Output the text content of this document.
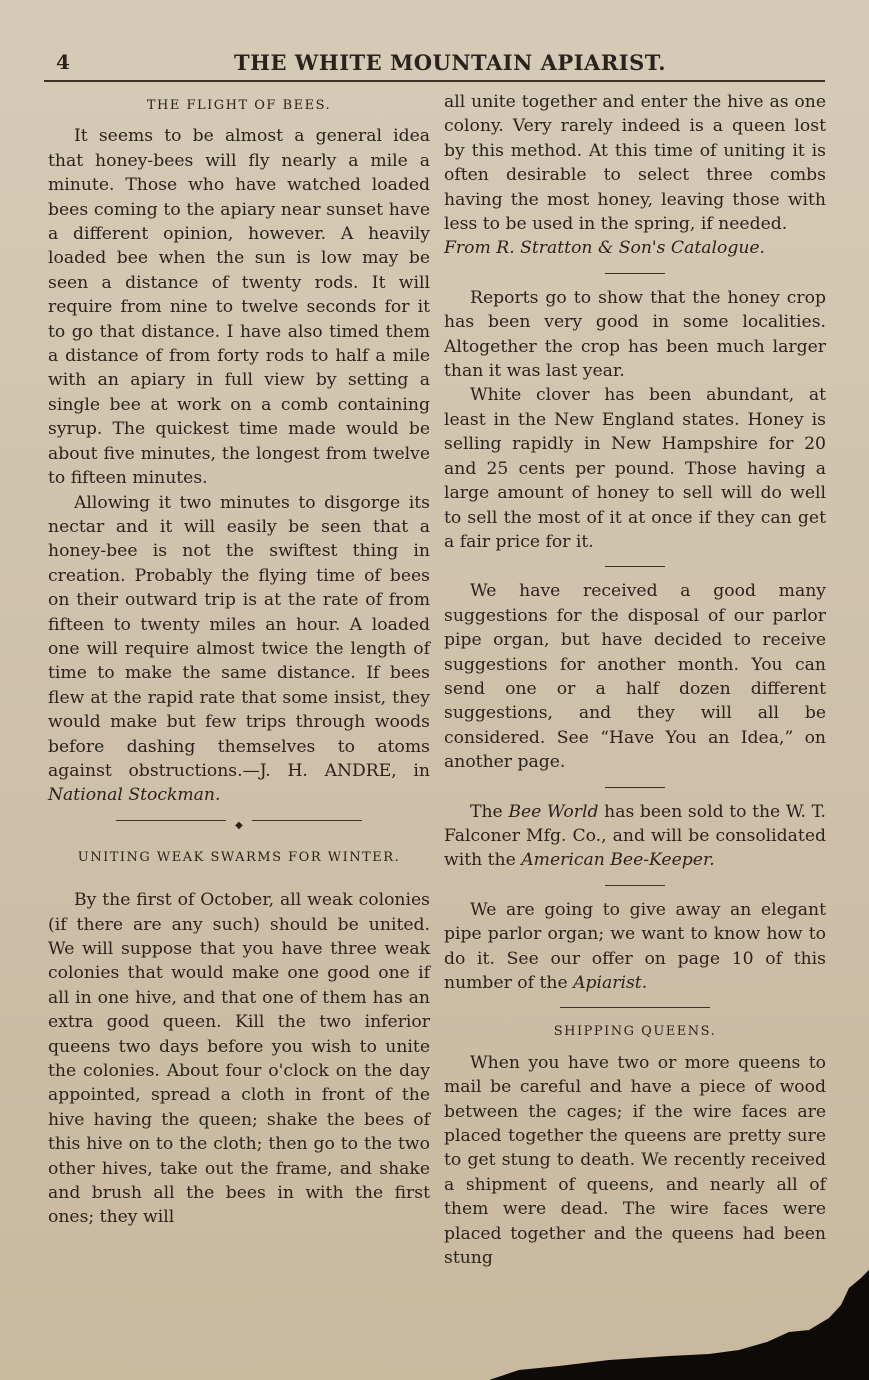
4	THE WHITE MOUNTAIN APIARIST.
THE FLIGHT OF BEES.

It seems to be almost a general idea that honey-bees will fly nearly a mile a minute. Those who have watched loaded bees coming to the apiary near sunset have a different opinion, however. A heavily loaded bee when the sun is low may be seen a distance of twenty rods. It will require from nine to twelve seconds for it to go that distance. I have also timed them a distance of from forty rods to half a mile with an apiary in full view by setting a single bee at work on a comb containing syrup. The quickest time made would be about five minutes, the longest from twelve to fifteen minutes.

Allowing it two minutes to disgorge its nectar and it will easily be seen that a honey-bee is not the swiftest thing in creation. Probably the flying time of bees on their outward trip is at the rate of from fifteen to twenty miles an hour. A loaded one will require almost twice the length of time to make the same distance. If bees flew at the rapid rate that some insist, they would make but few trips through woods before dashing themselves to atoms against obstructions.—J. H. ANDRE, in National Stockman.

◆
UNITING WEAK SWARMS FOR WINTER.

By the first of October, all weak colonies (if there are any such) should be united. We will suppose that you have three weak colonies that would make one good one if all in one hive, and that one of them has an extra good queen. Kill the two inferior queens two days before you wish to unite the colonies. About four o'clock on the day appointed, spread a cloth in front of the hive having the queen; shake the bees of this hive on to the cloth; then go to the two other hives, take out the frame, and shake and brush all the bees in with the first ones; they will

all unite together and enter the hive as one colony. Very rarely indeed is a queen lost by this method. At this time of uniting it is often desirable to select three combs having the most honey, leaving those with less to be used in the spring, if needed.

From R. Stratton & Son's Catalogue.

Reports go to show that the honey crop has been very good in some localities. Altogether the crop has been much larger than it was last year.

White clover has been abundant, at least in the New England states. Honey is selling rapidly in New Hampshire for 20 and 25 cents per pound. Those having a large amount of honey to sell will do well to sell the most of it at once if they can get a fair price for it.

We have received a good many suggestions for the disposal of our parlor pipe organ, but have decided to receive suggestions for another month. You can send one or a half dozen different suggestions, and they will all be considered. See “Have You an Idea,” on another page.

The Bee World has been sold to the W. T. Falconer Mfg. Co., and will be consolidated with the American Bee-Keeper.

We are going to give away an elegant pipe parlor organ; we want to know how to do it. See our offer on page 10 of this number of the Apiarist.

SHIPPING QUEENS.

When you have two or more queens to mail be careful and have a piece of wood between the cages; if the wire faces are placed together the queens are pretty sure to get stung to death. We recently received a shipment of queens, and nearly all of them were dead. The wire faces were placed together and the queens had been stung
